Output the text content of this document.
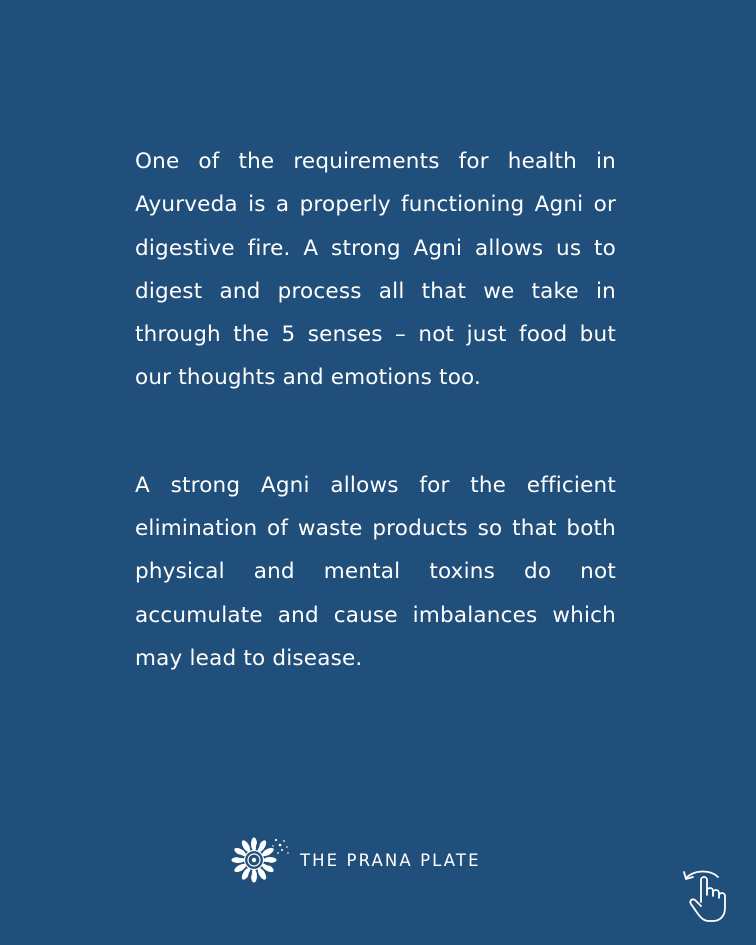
One of the requirements for health in Ayurveda is a properly functioning Agni or digestive fire. A strong Agni allows us to digest and process all that we take in through the 5 senses – not just food but our thoughts and emotions too.

A strong Agni allows for the efficient elimination of waste products so that both physical and mental toxins do not accumulate and cause imbalances which may lead to disease.

THE PRANA PLATE
